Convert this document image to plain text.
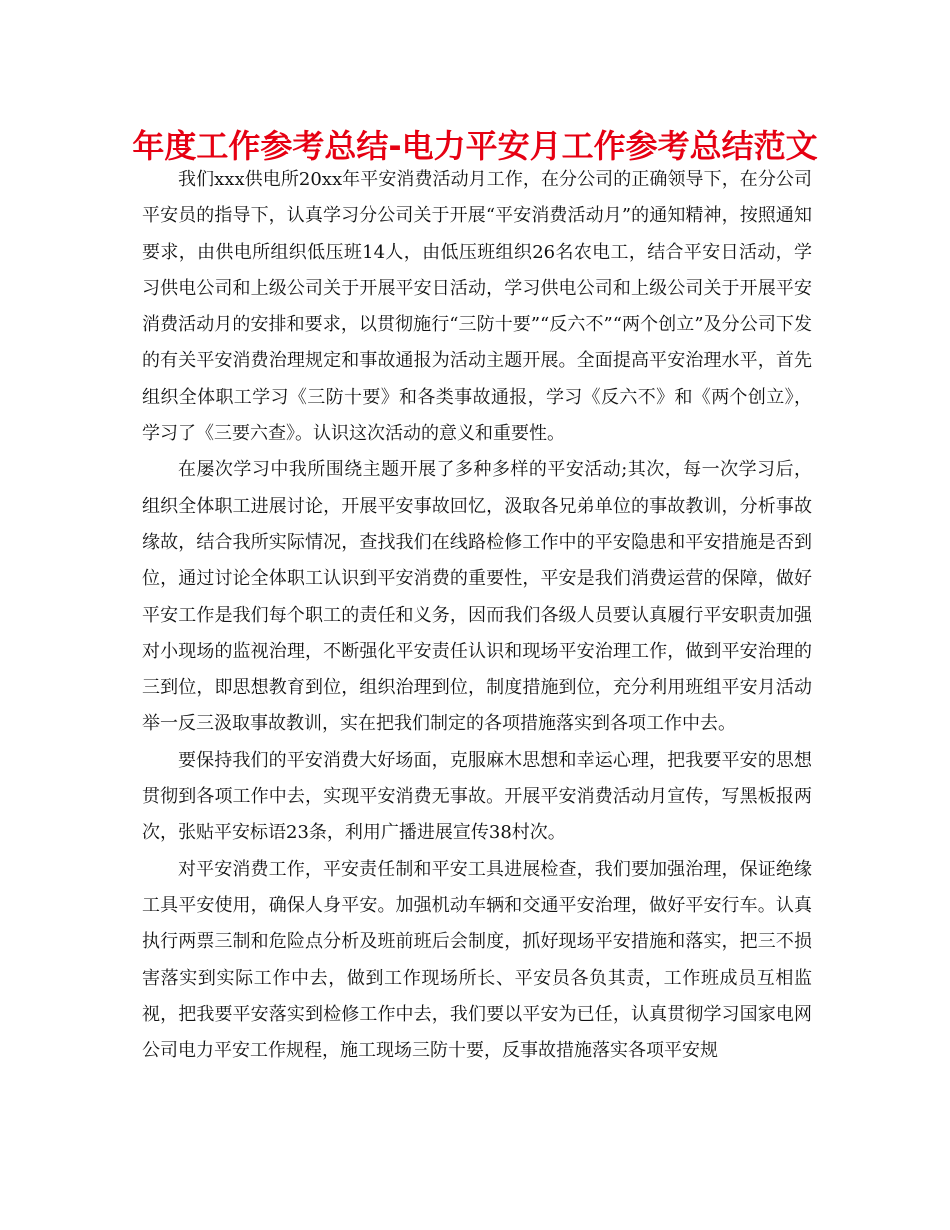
年度工作参考总结-电力平安月工作参考总结范文

我们xxx供电所20xx年平安消费活动月工作，在分公司的正确领导下，在分公司平安员的指导下，认真学习分公司关于开展“平安消费活动月”的通知精神，按照通知要求，由供电所组织低压班14人，由低压班组织26名农电工，结合平安日活动，学习供电公司和上级公司关于开展平安日活动，学习供电公司和上级公司关于开展平安消费活动月的安排和要求，以贯彻施行“三防十要”“反六不”“两个创立”及分公司下发的有关平安消费治理规定和事故通报为活动主题开展。全面提高平安治理水平，首先组织全体职工学习《三防十要》和各类事故通报，学习《反六不》和《两个创立》，学习了《三要六查》。认识这次活动的意义和重要性。

在屡次学习中我所围绕主题开展了多种多样的平安活动;其次，每一次学习后，组织全体职工进展讨论，开展平安事故回忆，汲取各兄弟单位的事故教训，分析事故缘故，结合我所实际情况，查找我们在线路检修工作中的平安隐患和平安措施是否到位，通过讨论全体职工认识到平安消费的重要性，平安是我们消费运营的保障，做好平安工作是我们每个职工的责任和义务，因而我们各级人员要认真履行平安职责加强对小现场的监视治理，不断强化平安责任认识和现场平安治理工作，做到平安治理的三到位，即思想教育到位，组织治理到位，制度措施到位，充分利用班组平安月活动举一反三汲取事故教训，实在把我们制定的各项措施落实到各项工作中去。

要保持我们的平安消费大好场面，克服麻木思想和幸运心理，把我要平安的思想贯彻到各项工作中去，实现平安消费无事故。开展平安消费活动月宣传，写黑板报两次，张贴平安标语23条，利用广播进展宣传38村次。

对平安消费工作，平安责任制和平安工具进展检查，我们要加强治理，保证绝缘工具平安使用，确保人身平安。加强机动车辆和交通平安治理，做好平安行车。认真执行两票三制和危险点分析及班前班后会制度，抓好现场平安措施和落实，把三不损害落实到实际工作中去，做到工作现场所长、平安员各负其责，工作班成员互相监视，把我要平安落实到检修工作中去，我们要以平安为已任，认真贯彻学习国家电网公司电力平安工作规程，施工现场三防十要，反事故措施落实各项平安规
